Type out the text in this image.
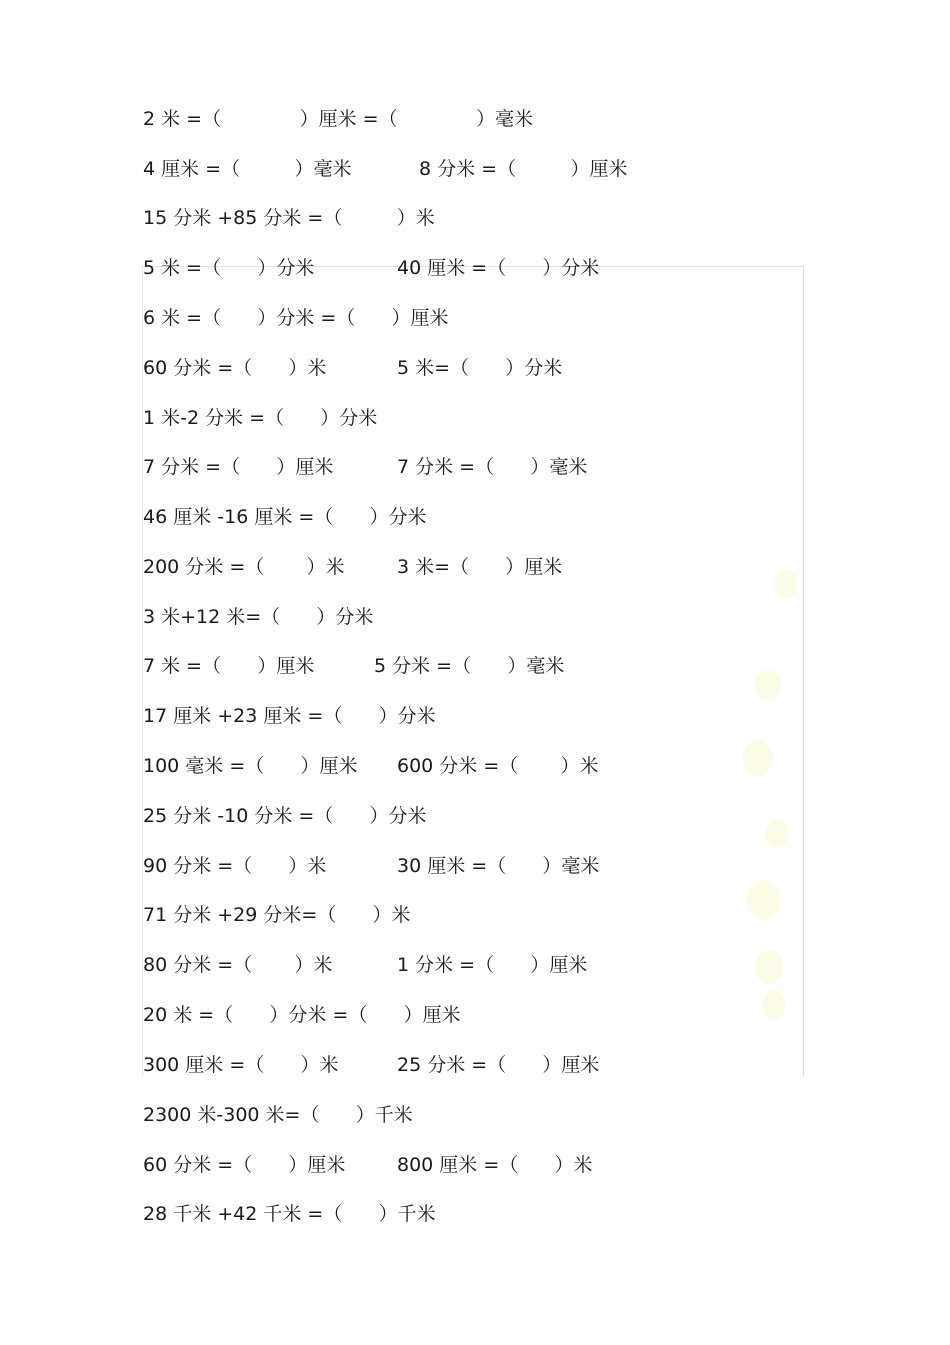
2 米 =（             ）厘米 =（             ）毫米
4 厘米 =（         ）毫米	8 分米 =（         ）厘米
15 分米 +85 分米 =（         ）米
5 米 =（      ）分米	40 厘米 =（      ）分米
6 米 =（      ）分米 =（      ）厘米
60 分米 =（      ）米	5 米=（      ）分米
1 米-2 分米 =（      ）分米
7 分米 =（      ）厘米	7 分米 =（      ）毫米
46 厘米 -16 厘米 =（      ）分米
200 分米 =（       ）米	3 米=（      ）厘米
3 米+12 米=（      ）分米
7 米 =（      ）厘米	5 分米 =（      ）毫米
17 厘米 +23 厘米 =（      ）分米
100 毫米 =（      ）厘米 600 分米 =（       ）米
25 分米 -10 分米 =（      ）分米
90 分米 =（      ）米	30 厘米 =（      ）毫米
71 分米 +29 分米=（      ）米
80 分米 =（       ）米	1 分米 =（      ）厘米
20 米 =（      ）分米 =（      ）厘米
300 厘米 =（      ）米	25 分米 =（      ）厘米
2300 米-300 米=（      ）千米
60 分米 =（      ）厘米	800 厘米 =（      ）米
28 千米 +42 千米 =（      ）千米
